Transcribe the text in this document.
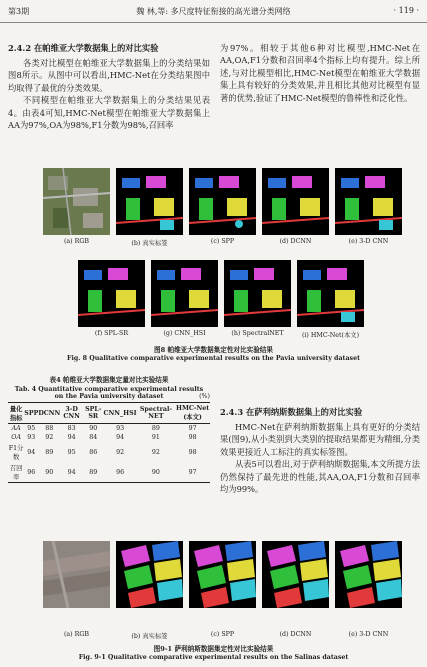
第3期	魏 林,等: 多尺度特征衔接的高光谱分类网络	· 119 ·
2.4.2 在帕维亚大学数据集上的对比实验

各类对比模型在帕维亚大学数据集上的分类结果如图8所示。从图中可以看出,HMC-Net在分类结果图中均取得了最优的分类效果。

不同模型在帕维亚大学数据集上的分类结果见表4。由表4可知,HMC-Net模型在帕维亚大学数据集上AA为97%,OA为98%,F1分数为98%,召回率

为97%。相较于其他6种对比模型,HMC-Net在AA,OA,F1分数和召回率4个指标上均有提升。综上所述,与对比模型相比,HMC-Net模型在帕维亚大学数据集上具有较好的分类效果,并且相比其他对比模型有显著的优势,验证了HMC-Net模型的鲁棒性和泛化性。
(a) RGB	(b) 真实标签	(c) SPP	(d) DCNN	(e) 3-D CNN
(f) SPL-SR	(g) CNN_HSI	(h) SpectralNET	(i) HMC-Net(本文)
图8 帕维亚大学数据集定性对比实验结果
Fig. 8 Qualitative comparative experimental results on the Pavia university dataset
表4 帕维亚大学数据集定量对比实验结果
Tab. 4 Quantitative comparative experimental results
on the Pavia university dataset	(%)
量化指标	SPP	DCNN	3-D CNN	SPL-SR	CNN_HSI	Spectral-NET	HMC-Net (本文)
AA	95	88	83	90	93	89	97
OA	93	92	94	84	94	91	98
F1分数	94	89	95	86	92	92	98
召回率	96	90	94	89	96	90	97
2.4.3 在萨利纳斯数据集上的对比实验

HMC-Net在萨利纳斯数据集上具有更好的分类结果(图9),从小类别到大类别的提取结果都更为精细,分类效果更接近人工标注的真实标签图。

从表5可以看出,对于萨利纳斯数据集,本文所提方法仍然保持了最先进的性能,其AA,OA,F1分数和召回率均为99%。

(a) RGB	(b) 真实标签	(c) SPP	(d) DCNN	(e) 3-D CNN
图9-1 萨利纳斯数据集定性对比实验结果
Fig. 9-1 Qualitative comparative experimental results on the Salinas dataset
